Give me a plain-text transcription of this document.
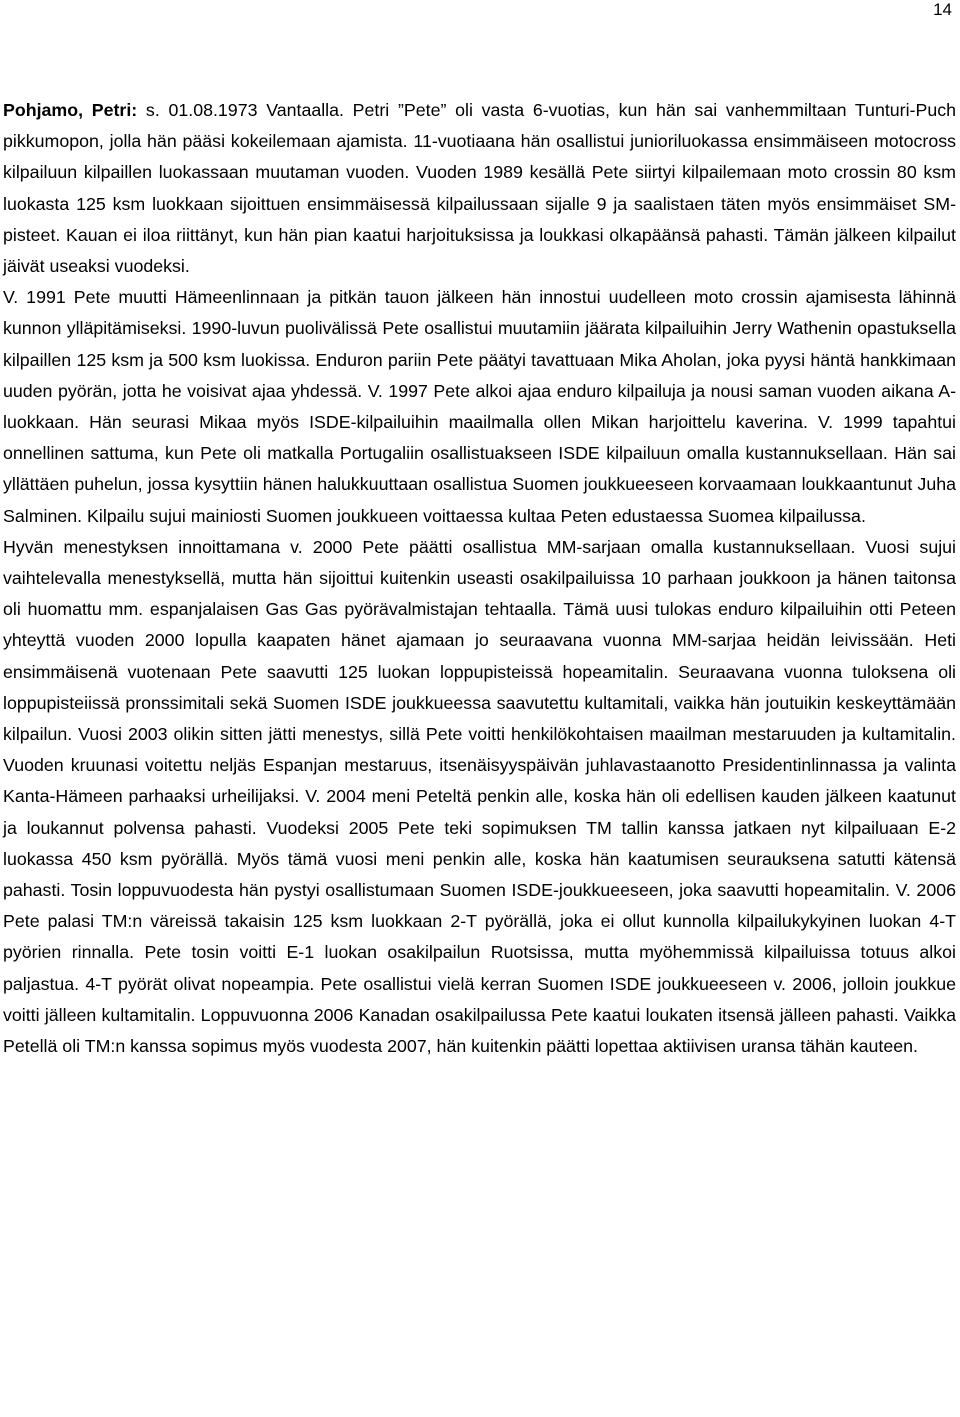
14

Pohjamo, Petri: s. 01.08.1973 Vantaalla. Petri ”Pete” oli vasta 6-vuotias, kun hän sai vanhemmiltaan Tunturi-Puch pikkumopon, jolla hän pääsi kokeilemaan ajamista. 11-vuotiaana hän osallistui junioriluokassa ensimmäiseen motocross kilpailuun kilpaillen luokassaan muutaman vuoden. Vuoden 1989 kesällä Pete siirtyi kilpailemaan moto crossin 80 ksm luokasta 125 ksm luokkaan sijoittuen ensimmäisessä kilpailussaan sijalle 9 ja saalistaen täten myös ensimmäiset SM-pisteet. Kauan ei iloa riittänyt, kun hän pian kaatui harjoituksissa ja loukkasi olkapäänsä pahasti. Tämän jälkeen kilpailut jäivät useaksi vuodeksi.

V. 1991 Pete muutti Hämeenlinnaan ja pitkän tauon jälkeen hän innostui uudelleen moto crossin ajamisesta lähinnä kunnon ylläpitämiseksi. 1990-luvun puolivälissä Pete osallistui muutamiin jäärata kilpailuihin Jerry Wathenin opastuksella kilpaillen 125 ksm ja 500 ksm luokissa. Enduron pariin Pete päätyi tavattuaan Mika Aholan, joka pyysi häntä hankkimaan uuden pyörän, jotta he voisivat ajaa yhdessä. V. 1997 Pete alkoi ajaa enduro kilpailuja ja nousi saman vuoden aikana A-luokkaan. Hän seurasi Mikaa myös ISDE-kilpailuihin maailmalla ollen Mikan harjoittelu kaverina. V. 1999 tapahtui onnellinen sattuma, kun Pete oli matkalla Portugaliin osallistuakseen ISDE kilpailuun omalla kustannuksellaan. Hän sai yllättäen puhelun, jossa kysyttiin hänen halukkuuttaan osallistua Suomen joukkueeseen korvaamaan loukkaantunut Juha Salminen. Kilpailu sujui mainiosti Suomen joukkueen voittaessa kultaa Peten edustaessa Suomea kilpailussa.

Hyvän menestyksen innoittamana v. 2000 Pete päätti osallistua MM-sarjaan omalla kustannuksellaan. Vuosi sujui vaihtelevalla menestyksellä, mutta hän sijoittui kuitenkin useasti osakilpailuissa 10 parhaan joukkoon ja hänen taitonsa oli huomattu mm. espanjalaisen Gas Gas pyörävalmistajan tehtaalla. Tämä uusi tulokas enduro kilpailuihin otti Peteen yhteyttä vuoden 2000 lopulla kaapaten hänet ajamaan jo seuraavana vuonna MM-sarjaa heidän leivissään. Heti ensimmäisenä vuotenaan Pete saavutti 125 luokan loppupisteissä hopeamitalin. Seuraavana vuonna tuloksena oli loppupisteiissä pronssimitali sekä Suomen ISDE joukkueessa saavutettu kultamitali, vaikka hän joutuikin keskeyttämään kilpailun. Vuosi 2003 olikin sitten jätti menestys, sillä Pete voitti henkilökohtaisen maailman mestaruuden ja kultamitalin. Vuoden kruunasi voitettu neljäs Espanjan mestaruus, itsenäisyyspäivän juhlavastaanotto Presidentinlinnassa ja valinta Kanta-Hämeen parhaaksi urheilijaksi. V. 2004 meni Peteltä penkin alle, koska hän oli edellisen kauden jälkeen kaatunut ja loukannut polvensa pahasti. Vuodeksi 2005 Pete teki sopimuksen TM tallin kanssa jatkaen nyt kilpailuaan E-2 luokassa 450 ksm pyörällä. Myös tämä vuosi meni penkin alle, koska hän kaatumisen seurauksena satutti kätensä pahasti. Tosin loppuvuodesta hän pystyi osallistumaan Suomen ISDE-joukkueeseen, joka saavutti hopeamitalin. V. 2006 Pete palasi TM:n väreissä takaisin 125 ksm luokkaan 2-T pyörällä, joka ei ollut kunnolla kilpailukykyinen luokan 4-T pyörien rinnalla. Pete tosin voitti E-1 luokan osakilpailun Ruotsissa, mutta myöhemmissä kilpailuissa totuus alkoi paljastua. 4-T pyörät olivat nopeampia. Pete osallistui vielä kerran Suomen ISDE joukkueeseen v. 2006, jolloin joukkue voitti jälleen kultamitalin. Loppuvuonna 2006 Kanadan osakilpailussa Pete kaatui loukaten itsensä jälleen pahasti. Vaikka Petellä oli TM:n kanssa sopimus myös vuodesta 2007, hän kuitenkin päätti lopettaa aktiivisen uransa tähän kauteen.
